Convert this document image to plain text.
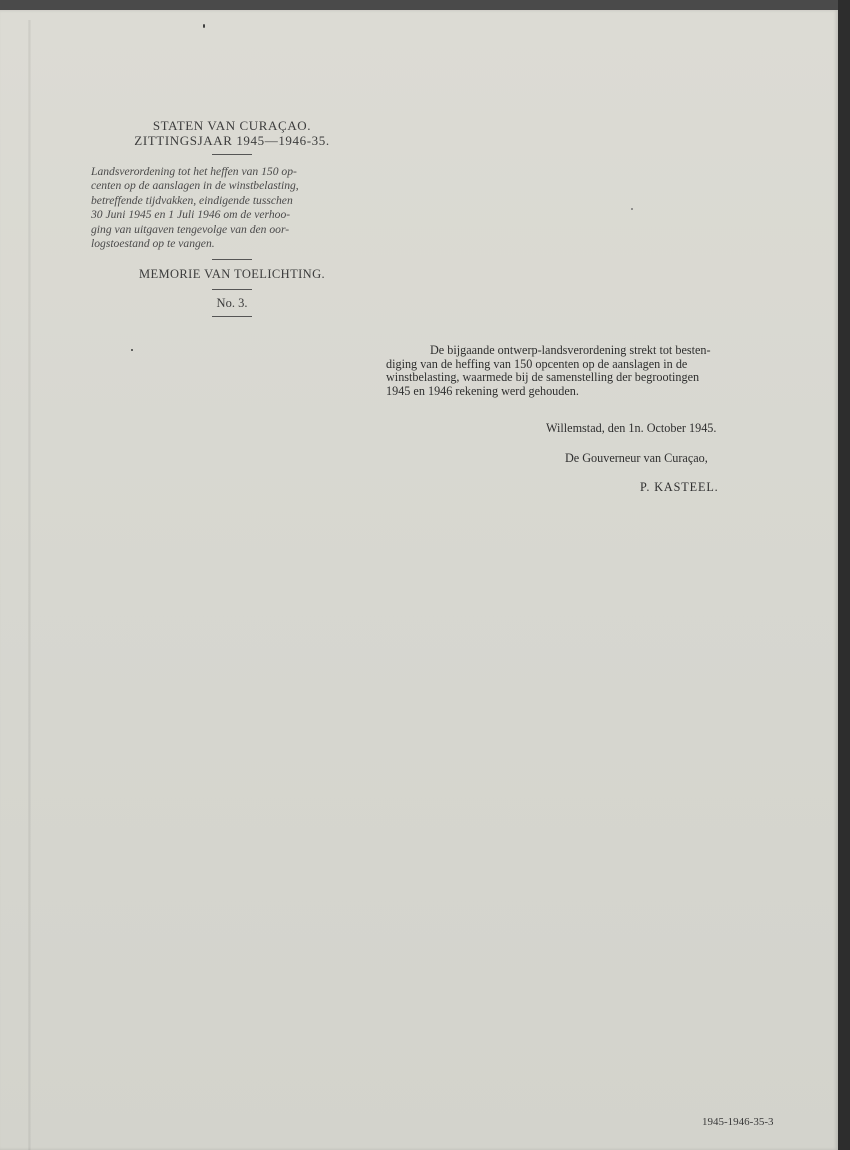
STATEN VAN CURAÇAO.

ZITTINGSJAAR 1945—1946-35.

Landsverordening tot het heffen van 150 op-
centen op de aanslagen in de winstbelasting,
betreffende tijdvakken, eindigende tusschen
30 Juni 1945 en 1 Juli 1946 om de verhoo-
ging van uitgaven tengevolge van den oor-
logstoestand op te vangen.

MEMORIE VAN TOELICHTING.

No. 3.

De bijgaande ontwerp-landsverordening strekt tot besten-
diging van de heffing van 150 opcenten op de aanslagen in de
winstbelasting, waarmede bij de samenstelling der begrootingen
1945 en 1946 rekening werd gehouden.
Willemstad, den 1n. October 1945.
De Gouverneur van Curaçao,
P. KASTEEL.
1945-1946-35-3
